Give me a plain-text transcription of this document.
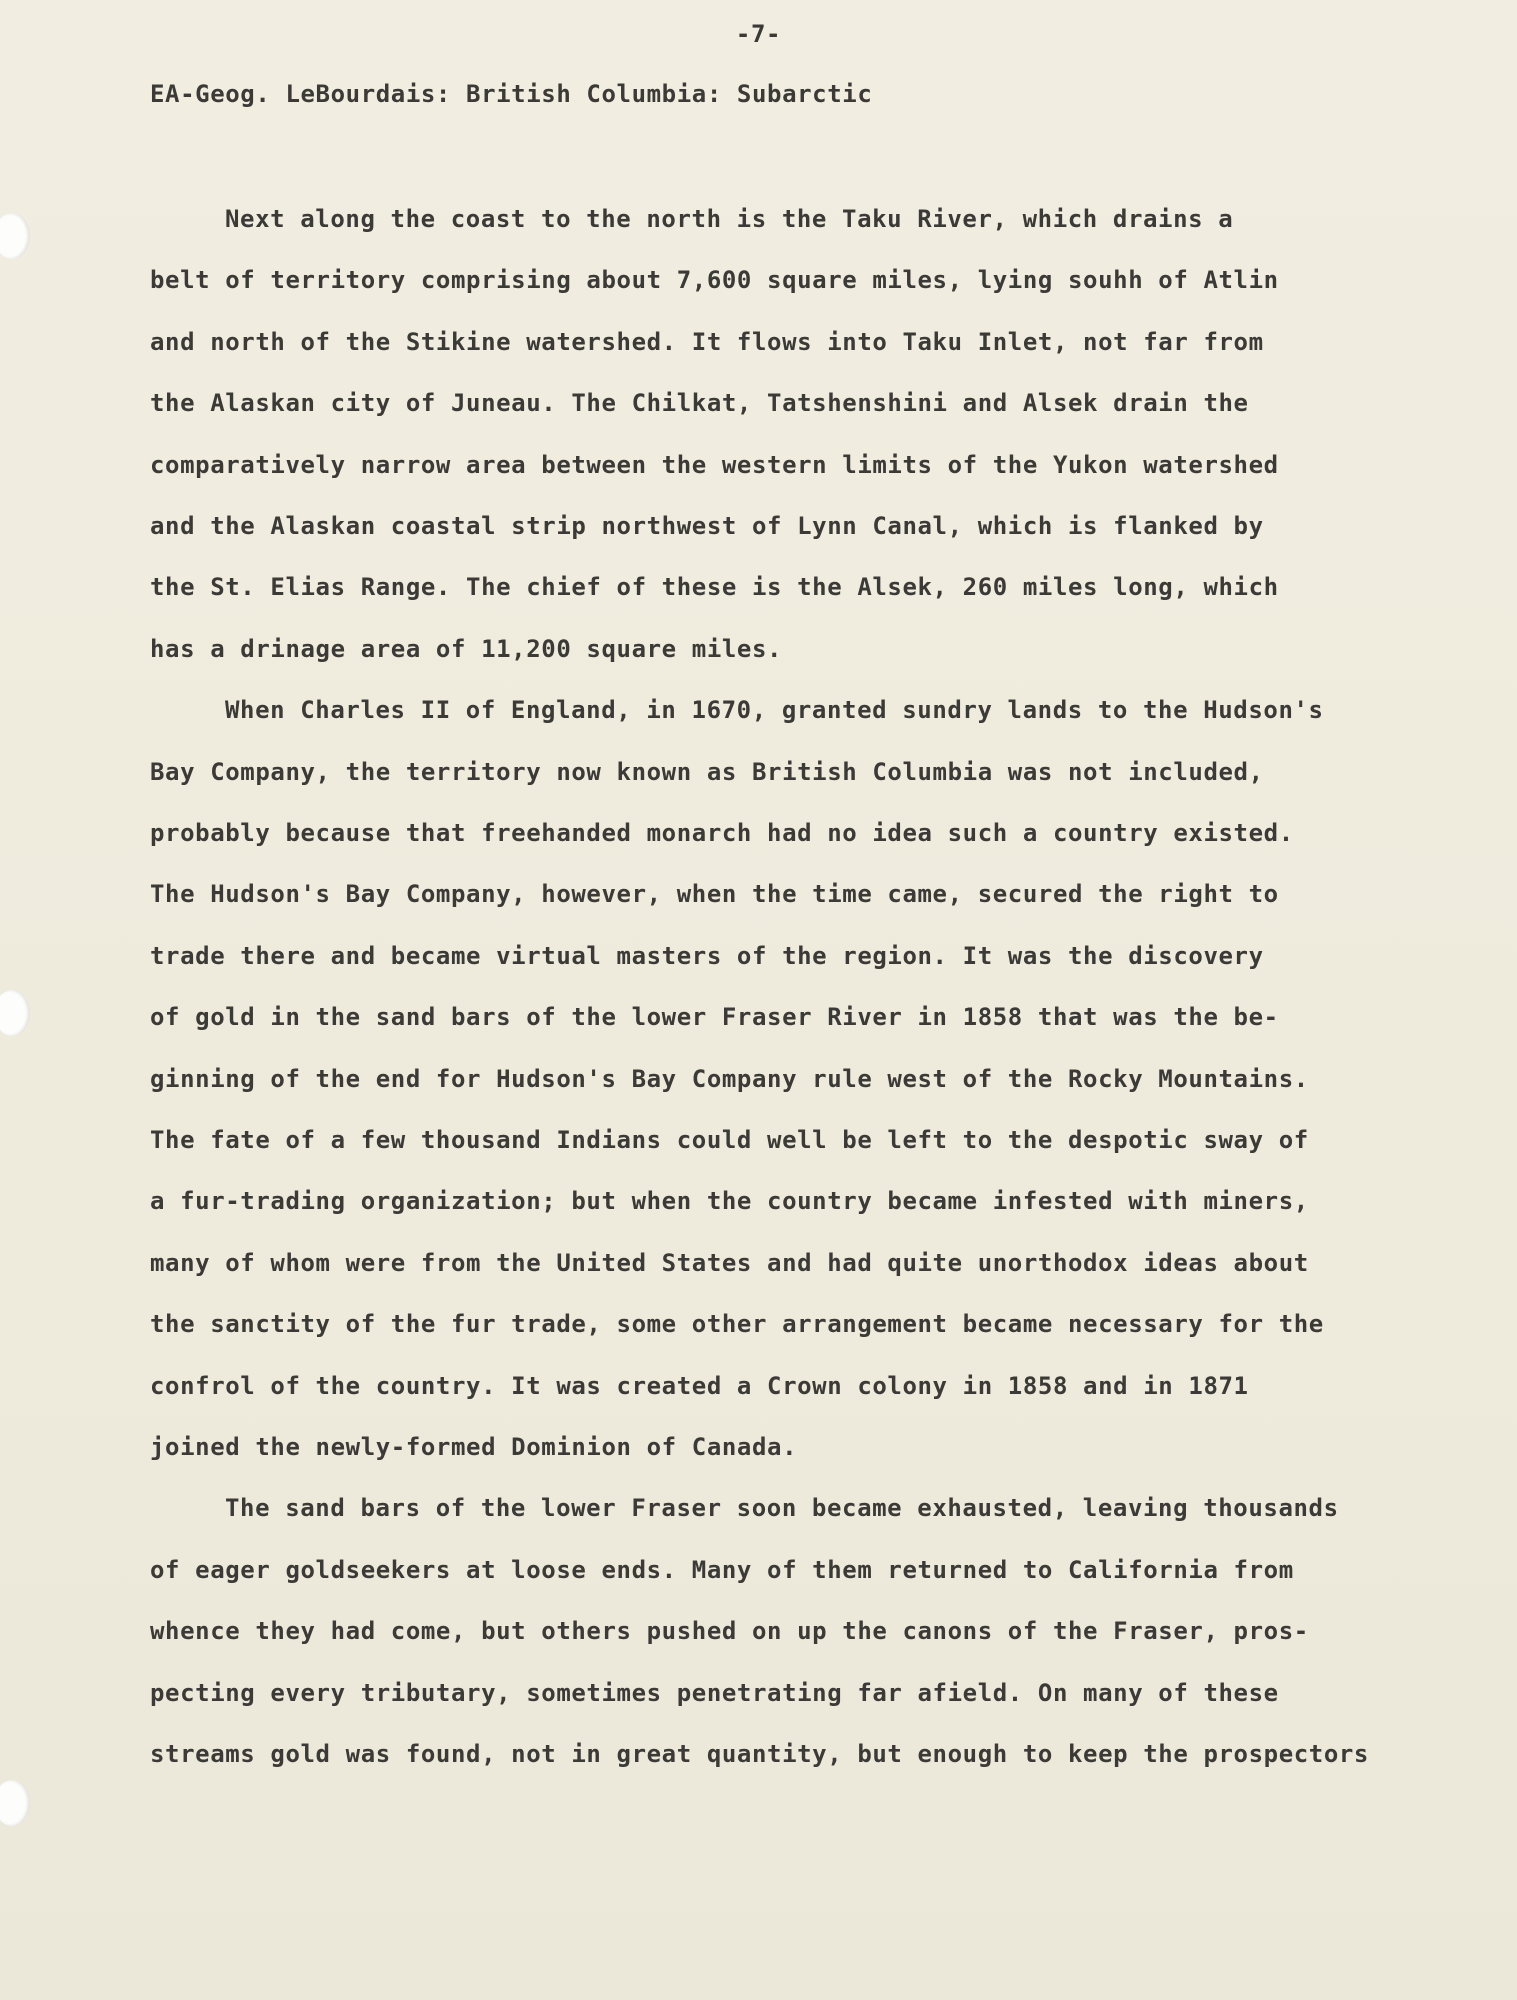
-7-
EA-Geog. LeBourdais: British Columbia: Subarctic
Next along the coast to the north is the Taku River, which drains a
belt of territory comprising about 7,600 square miles, lying souhh of Atlin
and north of the Stikine watershed. It flows into Taku Inlet, not far from
the Alaskan city of Juneau. The Chilkat, Tatshenshini and Alsek drain the
comparatively narrow area between the western limits of the Yukon watershed
and the Alaskan coastal strip northwest of Lynn Canal, which is flanked by
the St. Elias Range. The chief of these is the Alsek, 260 miles long, which
has a drinage area of 11,200 square miles.
When Charles II of England, in 1670, granted sundry lands to the Hudson's
Bay Company, the territory now known as British Columbia was not included,
probably because that freehanded monarch had no idea such a country existed.
The Hudson's Bay Company, however, when the time came, secured the right to
trade there and became virtual masters of the region. It was the discovery
of gold in the sand bars of the lower Fraser River in 1858 that was the be-
ginning of the end for Hudson's Bay Company rule west of the Rocky Mountains.
The fate of a few thousand Indians could well be left to the despotic sway of
a fur-trading organization; but when the country became infested with miners,
many of whom were from the United States and had quite unorthodox ideas about
the sanctity of the fur trade, some other arrangement became necessary for the
confrol of the country. It was created a Crown colony in 1858 and in 1871
joined the newly-formed Dominion of Canada.
The sand bars of the lower Fraser soon became exhausted, leaving thousands
of eager goldseekers at loose ends. Many of them returned to California from
whence they had come, but others pushed on up the canons of the Fraser, pros-
pecting every tributary, sometimes penetrating far afield. On many of these
streams gold was found, not in great quantity, but enough to keep the prospectors
